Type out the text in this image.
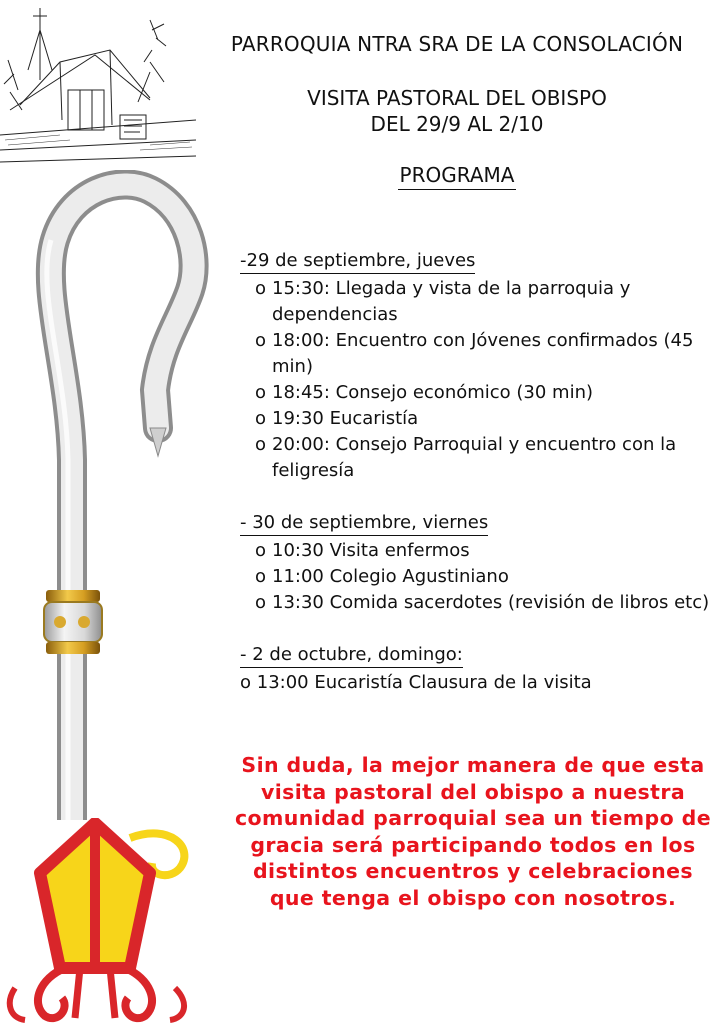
PARROQUIA NTRA SRA DE LA CONSOLACIÓN
VISITA PASTORAL DEL OBISPO
DEL 29/9 AL 2/10
PROGRAMA
-29 de septiembre, jueves
o 15:30: Llegada y vista de la parroquia y dependencias
o 18:00: Encuentro con Jóvenes confirmados (45 min)
o 18:45: Consejo económico (30 min)
o 19:30 Eucaristía
o 20:00: Consejo Parroquial y encuentro con la feligresía
- 30 de septiembre, viernes
o 10:30 Visita enfermos
o 11:00 Colegio Agustiniano
o 13:30 Comida sacerdotes (revisión de libros etc)
- 2 de octubre, domingo:
o 13:00 Eucaristía Clausura de la visita
Sin duda, la mejor manera de que esta visita pastoral del obispo a nuestra comunidad parroquial sea un tiempo de gracia será participando todos en los distintos encuentros y celebraciones que tenga el obispo con nosotros.
